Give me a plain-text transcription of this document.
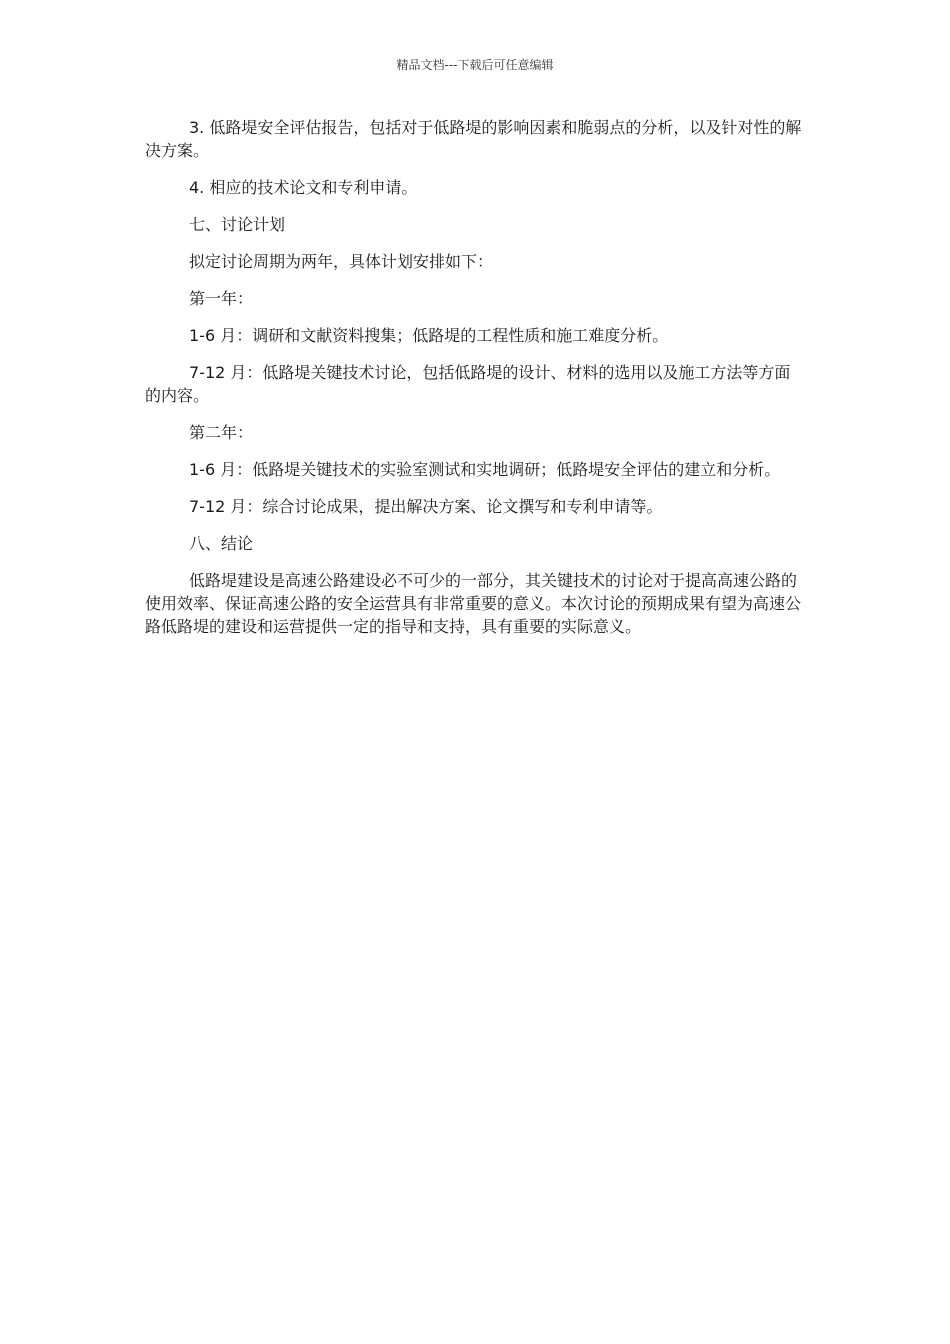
精品文档---下载后可任意编辑

3. 低路堤安全评估报告，包括对于低路堤的影响因素和脆弱点的分析，以及针对性的解决方案。

4. 相应的技术论文和专利申请。

七、讨论计划

拟定讨论周期为两年，具体计划安排如下：

第一年：

1-6 月：调研和文献资料搜集；低路堤的工程性质和施工难度分析。

7-12 月：低路堤关键技术讨论，包括低路堤的设计、材料的选用以及施工方法等方面的内容。

第二年：

1-6 月：低路堤关键技术的实验室测试和实地调研；低路堤安全评估的建立和分析。

7-12 月：综合讨论成果，提出解决方案、论文撰写和专利申请等。

八、结论

低路堤建设是高速公路建设必不可少的一部分，其关键技术的讨论对于提高高速公路的使用效率、保证高速公路的安全运营具有非常重要的意义。本次讨论的预期成果有望为高速公路低路堤的建设和运营提供一定的指导和支持，具有重要的实际意义。
